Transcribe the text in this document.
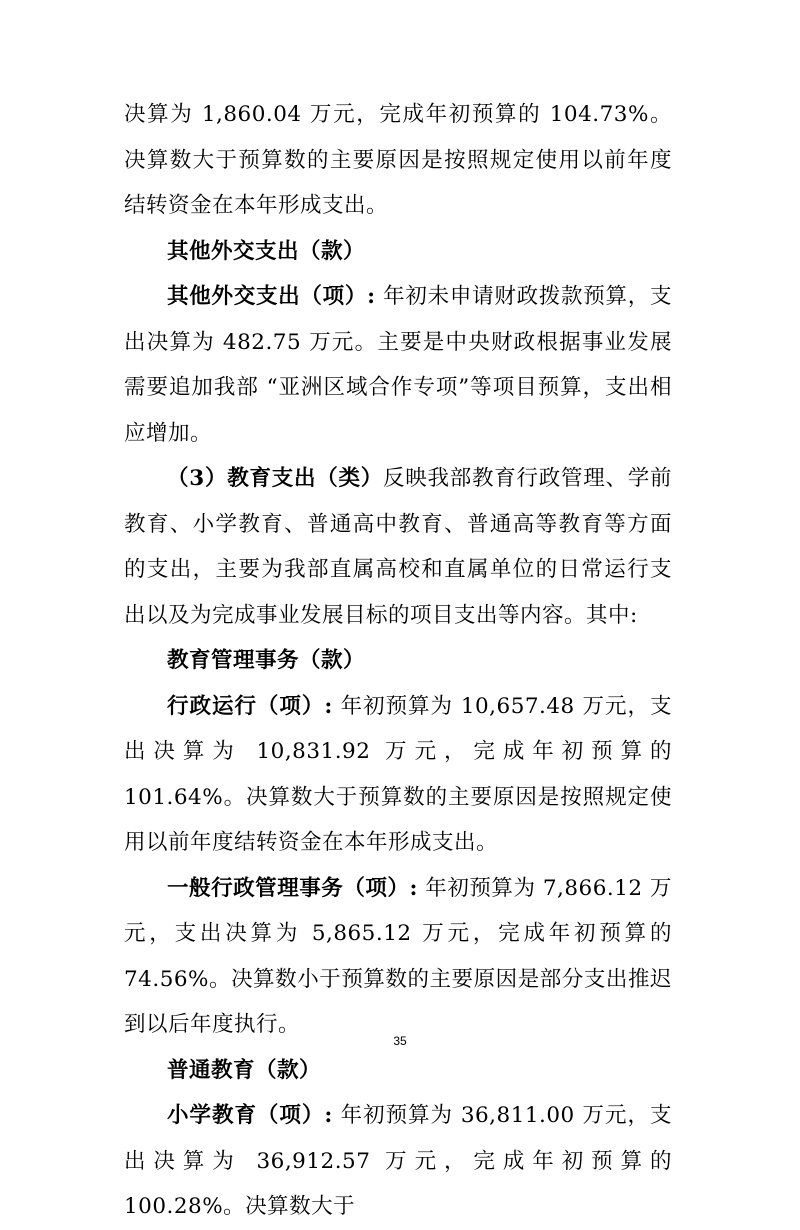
决算为 1,860.04 万元，完成年初预算的 104.73%。决算数大于预算数的主要原因是按照规定使用以前年度结转资金在本年形成支出。

其他外交支出（款）

其他外交支出（项）: 年初未申请财政拨款预算，支出决算为 482.75 万元。主要是中央财政根据事业发展需要追加我部 “亚洲区域合作专项”等项目预算，支出相应增加。

（3）教育支出（类）反映我部教育行政管理、学前教育、小学教育、普通高中教育、普通高等教育等方面的支出，主要为我部直属高校和直属单位的日常运行支出以及为完成事业发展目标的项目支出等内容。其中:

教育管理事务（款）

行政运行（项）: 年初预算为 10,657.48 万元，支出决算为 10,831.92 万元，完成年初预算的 101.64%。决算数大于预算数的主要原因是按照规定使用以前年度结转资金在本年形成支出。

一般行政管理事务（项）: 年初预算为 7,866.12 万元，支出决算为 5,865.12 万元，完成年初预算的 74.56%。决算数小于预算数的主要原因是部分支出推迟到以后年度执行。

普通教育（款）

小学教育（项）: 年初预算为 36,811.00 万元，支出决算为 36,912.57 万元，完成年初预算的 100.28%。决算数大于

35
